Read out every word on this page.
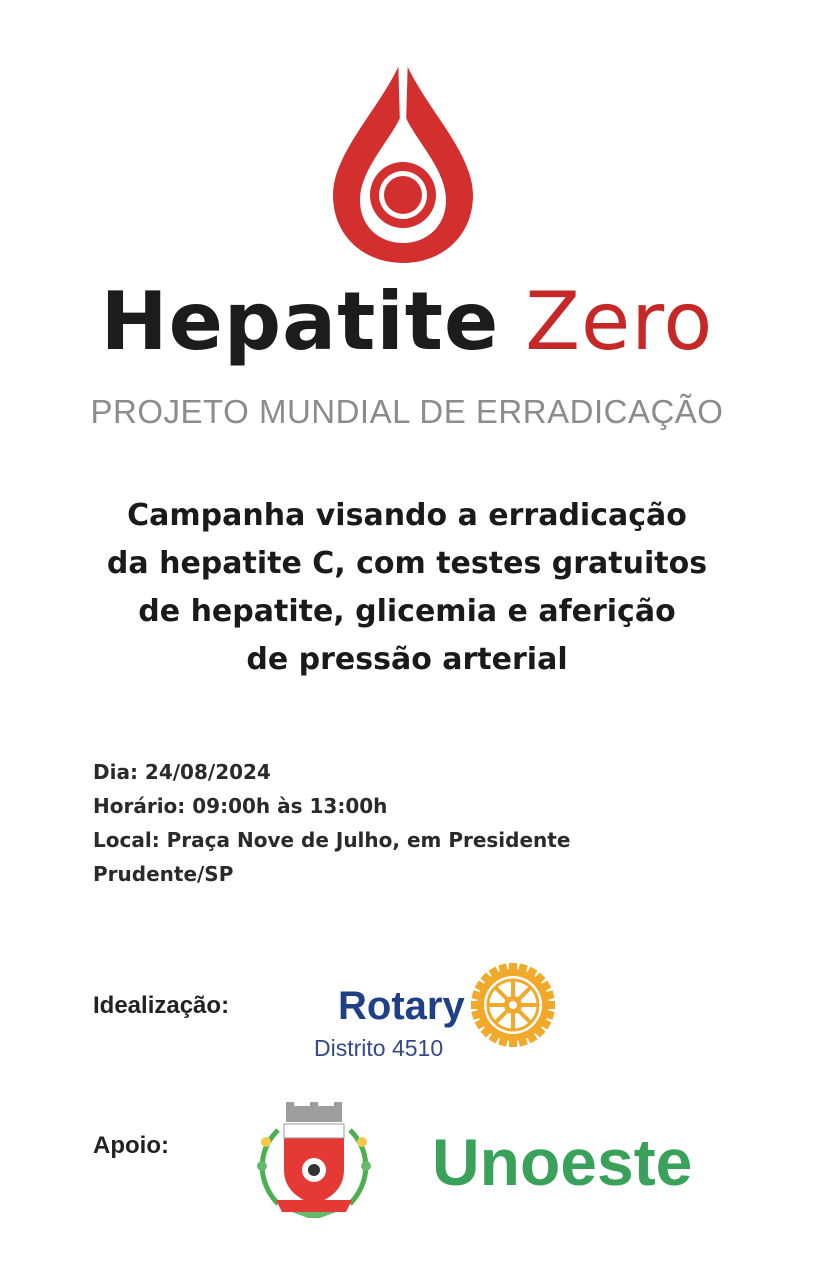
Hepatite Zero
PROJETO MUNDIAL DE ERRADICAÇÃO
Campanha visando a erradicação
da hepatite C, com testes gratuitos
de hepatite, glicemia e aferição
de pressão arterial
Dia: 24/08/2024
Horário: 09:00h às 13:00h
Local: Praça Nove de Julho, em Presidente
Prudente/SP
Idealização:	Rotary
Distrito 4510
Apoio:	Unoeste
